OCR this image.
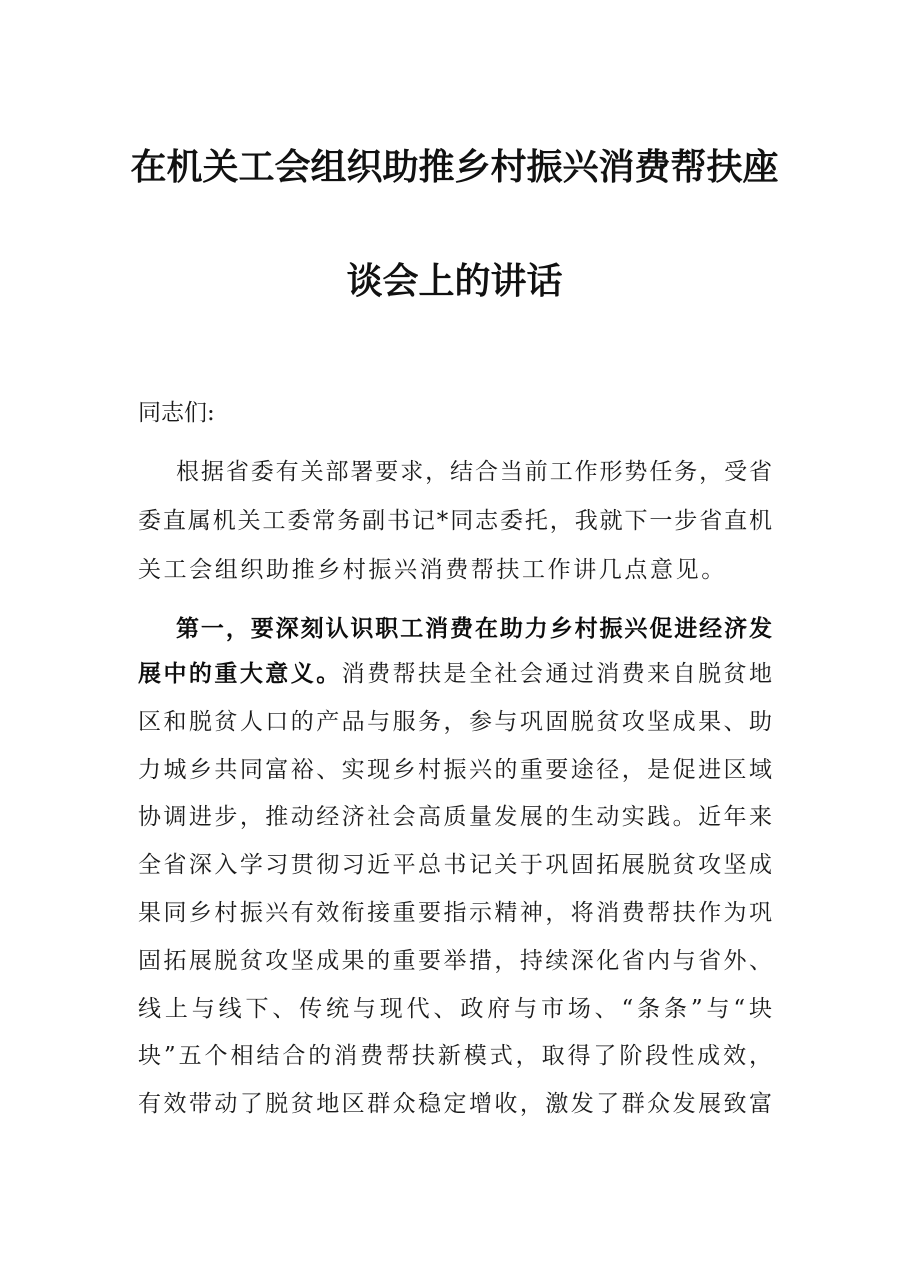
在机关工会组织助推乡村振兴消费帮扶座
谈会上的讲话
同志们:
根据省委有关部署要求，结合当前工作形势任务，受省
委直属机关工委常务副书记*同志委托，我就下一步省直机
关工会组织助推乡村振兴消费帮扶工作讲几点意见。
第一，要深刻认识职工消费在助力乡村振兴促进经济发
展中的重大意义。消费帮扶是全社会通过消费来自脱贫地
区和脱贫人口的产品与服务，参与巩固脱贫攻坚成果、助
力城乡共同富裕、实现乡村振兴的重要途径，是促进区域
协调进步，推动经济社会高质量发展的生动实践。近年来
全省深入学习贯彻习近平总书记关于巩固拓展脱贫攻坚成
果同乡村振兴有效衔接重要指示精神，将消费帮扶作为巩
固拓展脱贫攻坚成果的重要举措，持续深化省内与省外、
线上与线下、传统与现代、政府与市场、“条条”与“块
块”五个相结合的消费帮扶新模式，取得了阶段性成效，
有效带动了脱贫地区群众稳定增收，激发了群众发展致富
